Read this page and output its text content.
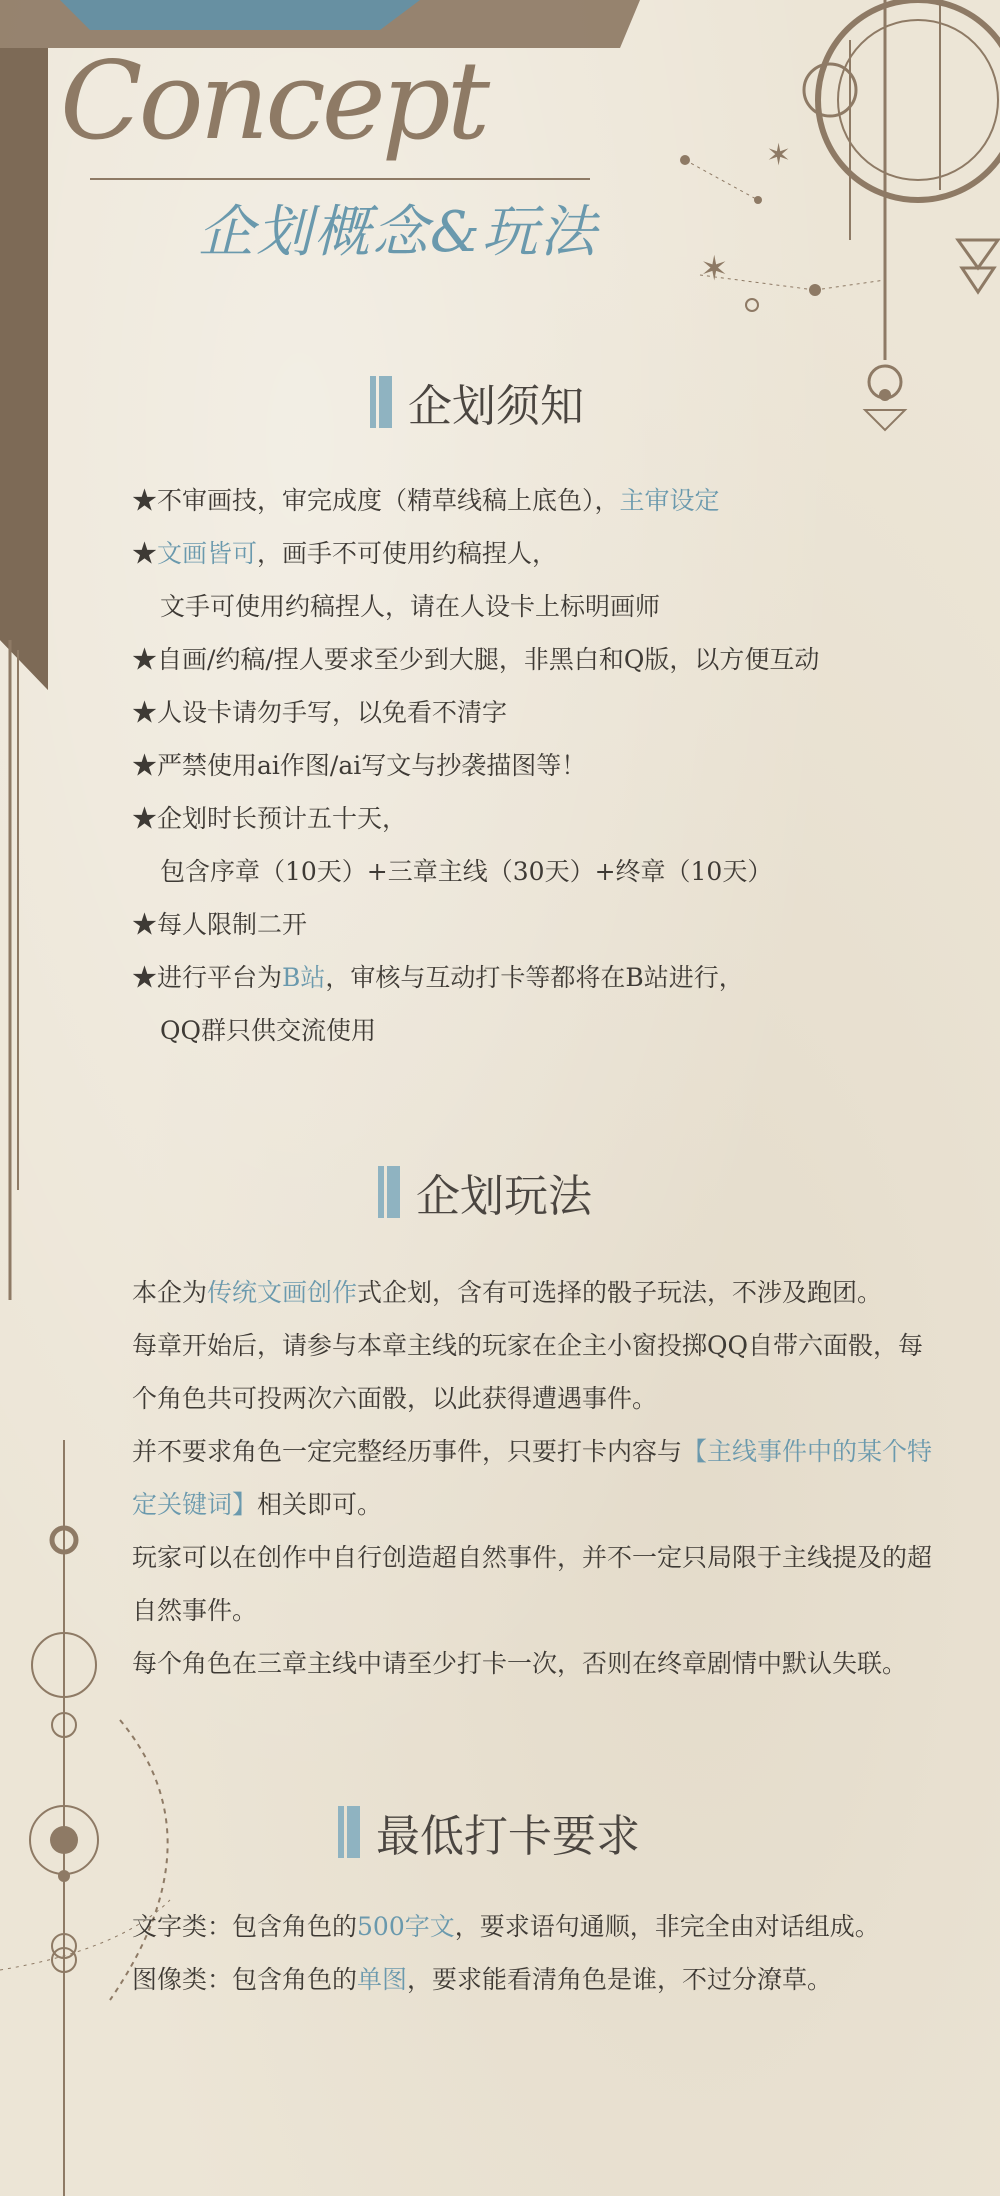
✶
✶
Concept
企划概念&玩法
企划须知
★不审画技，审完成度（精草线稿上底色），主审设定
★文画皆可，画手不可使用约稿捏人，
文手可使用约稿捏人，请在人设卡上标明画师
★自画/约稿/捏人要求至少到大腿，非黑白和Q版，以方便互动
★人设卡请勿手写，以免看不清字
★严禁使用ai作图/ai写文与抄袭描图等！
★企划时长预计五十天，
包含序章（10天）+三章主线（30天）+终章（10天）
★每人限制二开
★进行平台为B站，审核与互动打卡等都将在B站进行，
QQ群只供交流使用
企划玩法
本企为传统文画创作式企划，含有可选择的骰子玩法，不涉及跑团。
每章开始后，请参与本章主线的玩家在企主小窗投掷QQ自带六面骰，每个角色共可投两次六面骰，以此获得遭遇事件。
并不要求角色一定完整经历事件，只要打卡内容与【主线事件中的某个特定关键词】相关即可。
玩家可以在创作中自行创造超自然事件，并不一定只局限于主线提及的超自然事件。
每个角色在三章主线中请至少打卡一次，否则在终章剧情中默认失联。
最低打卡要求
文字类：包含角色的500字文，要求语句通顺，非完全由对话组成。
图像类：包含角色的单图，要求能看清角色是谁，不过分潦草。
